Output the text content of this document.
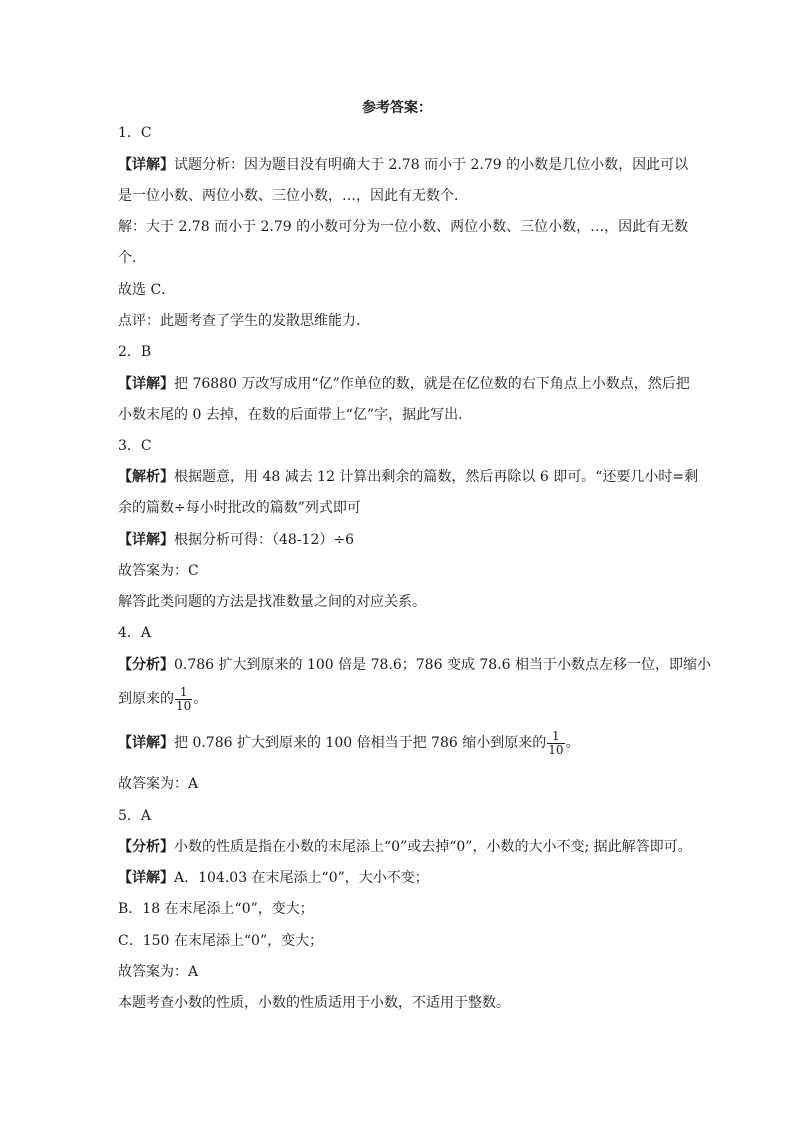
参考答案：
1．C
【详解】试题分析：因为题目没有明确大于 2.78 而小于 2.79 的小数是几位小数，因此可以
是一位小数、两位小数、三位小数，…，因此有无数个．
解：大于 2.78 而小于 2.79 的小数可分为一位小数、两位小数、三位小数，…，因此有无数
个．
故选 C．
点评：此题考查了学生的发散思维能力．
2．B
【详解】把 76880 万改写成用“亿”作单位的数，就是在亿位数的右下角点上小数点，然后把
小数末尾的 0 去掉，在数的后面带上“亿”字，据此写出．
3．C
【解析】根据题意，用 48 减去 12 计算出剩余的篇数，然后再除以 6 即可。“还要几小时=剩
余的篇数÷每小时批改的篇数”列式即可
【详解】根据分析可得：（48-12）÷6
故答案为：C
解答此类问题的方法是找准数量之间的对应关系。
4．A
【分析】0.786 扩大到原来的 100 倍是 78.6；786 变成 78.6 相当于小数点左移一位，即缩小
到原来的 $\frac{1}{10}$ 。
【详解】把 0.786 扩大到原来的 100 倍相当于把 786 缩小到原来的 $\frac{1}{10}$ 。
故答案为：A
5．A
【分析】小数的性质是指在小数的末尾添上“0”或去掉“0”，小数的大小不变; 据此解答即可。
【详解】A．104.03 在末尾添上“0”，大小不变；
B．18 在末尾添上“0”，变大；
C．150 在末尾添上“0”，变大；
故答案为：A
本题考查小数的性质，小数的性质适用于小数，不适用于整数。
